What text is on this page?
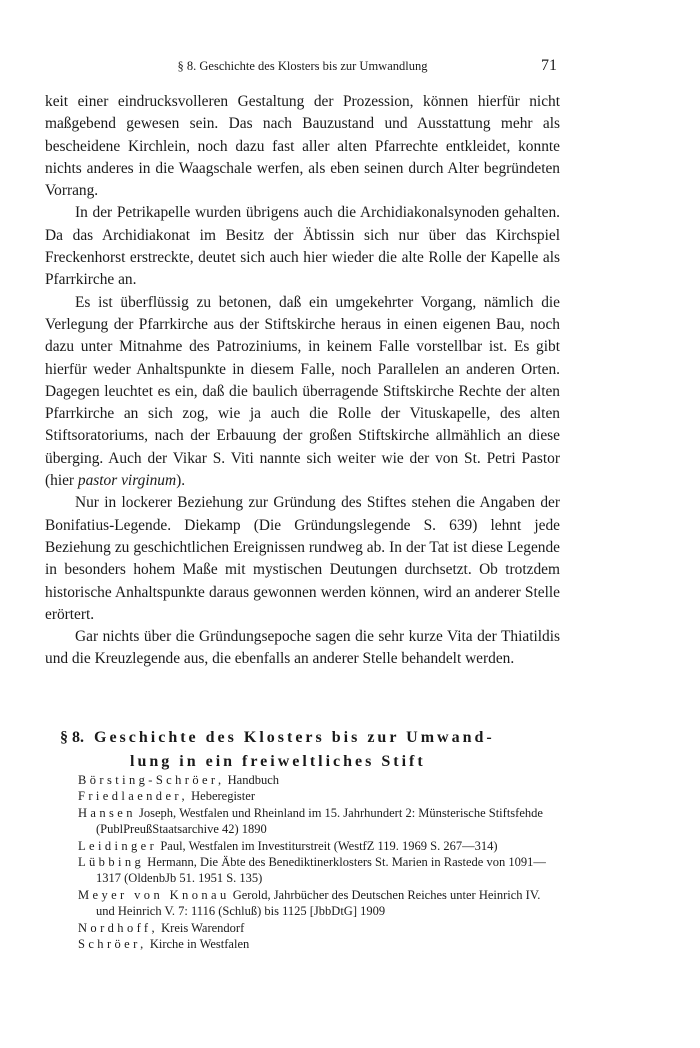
§ 8. Geschichte des Klosters bis zur Umwandlung	71

keit einer eindrucksvolleren Gestaltung der Prozession, können hierfür nicht maßgebend gewesen sein. Das nach Bauzustand und Ausstattung mehr als bescheidene Kirchlein, noch dazu fast aller alten Pfarrechte entkleidet, konnte nichts anderes in die Waagschale werfen, als eben seinen durch Alter begründeten Vorrang.

In der Petrikapelle wurden übrigens auch die Archidiakonalsynoden gehalten. Da das Archidiakonat im Besitz der Äbtissin sich nur über das Kirchspiel Freckenhorst erstreckte, deutet sich auch hier wieder die alte Rolle der Kapelle als Pfarrkirche an.

Es ist überflüssig zu betonen, daß ein umgekehrter Vorgang, nämlich die Verlegung der Pfarrkirche aus der Stiftskirche heraus in einen eigenen Bau, noch dazu unter Mitnahme des Patroziniums, in keinem Falle vorstellbar ist. Es gibt hierfür weder Anhaltspunkte in diesem Falle, noch Parallelen an anderen Orten. Dagegen leuchtet es ein, daß die baulich überragende Stiftskirche Rechte der alten Pfarrkirche an sich zog, wie ja auch die Rolle der Vituskapelle, des alten Stiftsoratoriums, nach der Erbauung der großen Stiftskirche allmählich an diese überging. Auch der Vikar S. Viti nannte sich weiter wie der von St. Petri Pastor (hier pastor virginum).

Nur in lockerer Beziehung zur Gründung des Stiftes stehen die Angaben der Bonifatius-Legende. Diekamp (Die Gründungslegende S. 639) lehnt jede Beziehung zu geschichtlichen Ereignissen rundweg ab. In der Tat ist diese Legende in besonders hohem Maße mit mystischen Deutungen durchsetzt. Ob trotzdem historische Anhaltspunkte daraus gewonnen werden können, wird an anderer Stelle erörtert.

Gar nichts über die Gründungsepoche sagen die sehr kurze Vita der Thiatildis und die Kreuzlegende aus, die ebenfalls an anderer Stelle behandelt werden.

§ 8. Geschichte des Klosters bis zur Umwand-
lung in ein freiweltliches Stift
Börsting-Schröer, Handbuch
Friedlaender, Heberegister
Hansen Joseph, Westfalen und Rheinland im 15. Jahrhundert 2: Münsterische Stiftsfehde (PublPreußStaatsarchive 42) 1890
Leidinger Paul, Westfalen im Investiturstreit (WestfZ 119. 1969 S. 267—314)
Lübbing Hermann, Die Äbte des Benediktinerklosters St. Marien in Rastede von 1091—1317 (OldenbJb 51. 1951 S. 135)
Meyer von Knonau Gerold, Jahrbücher des Deutschen Reiches unter Heinrich IV. und Heinrich V. 7: 1116 (Schluß) bis 1125 [JbbDtG] 1909
Nordhoff, Kreis Warendorf
Schröer, Kirche in Westfalen
